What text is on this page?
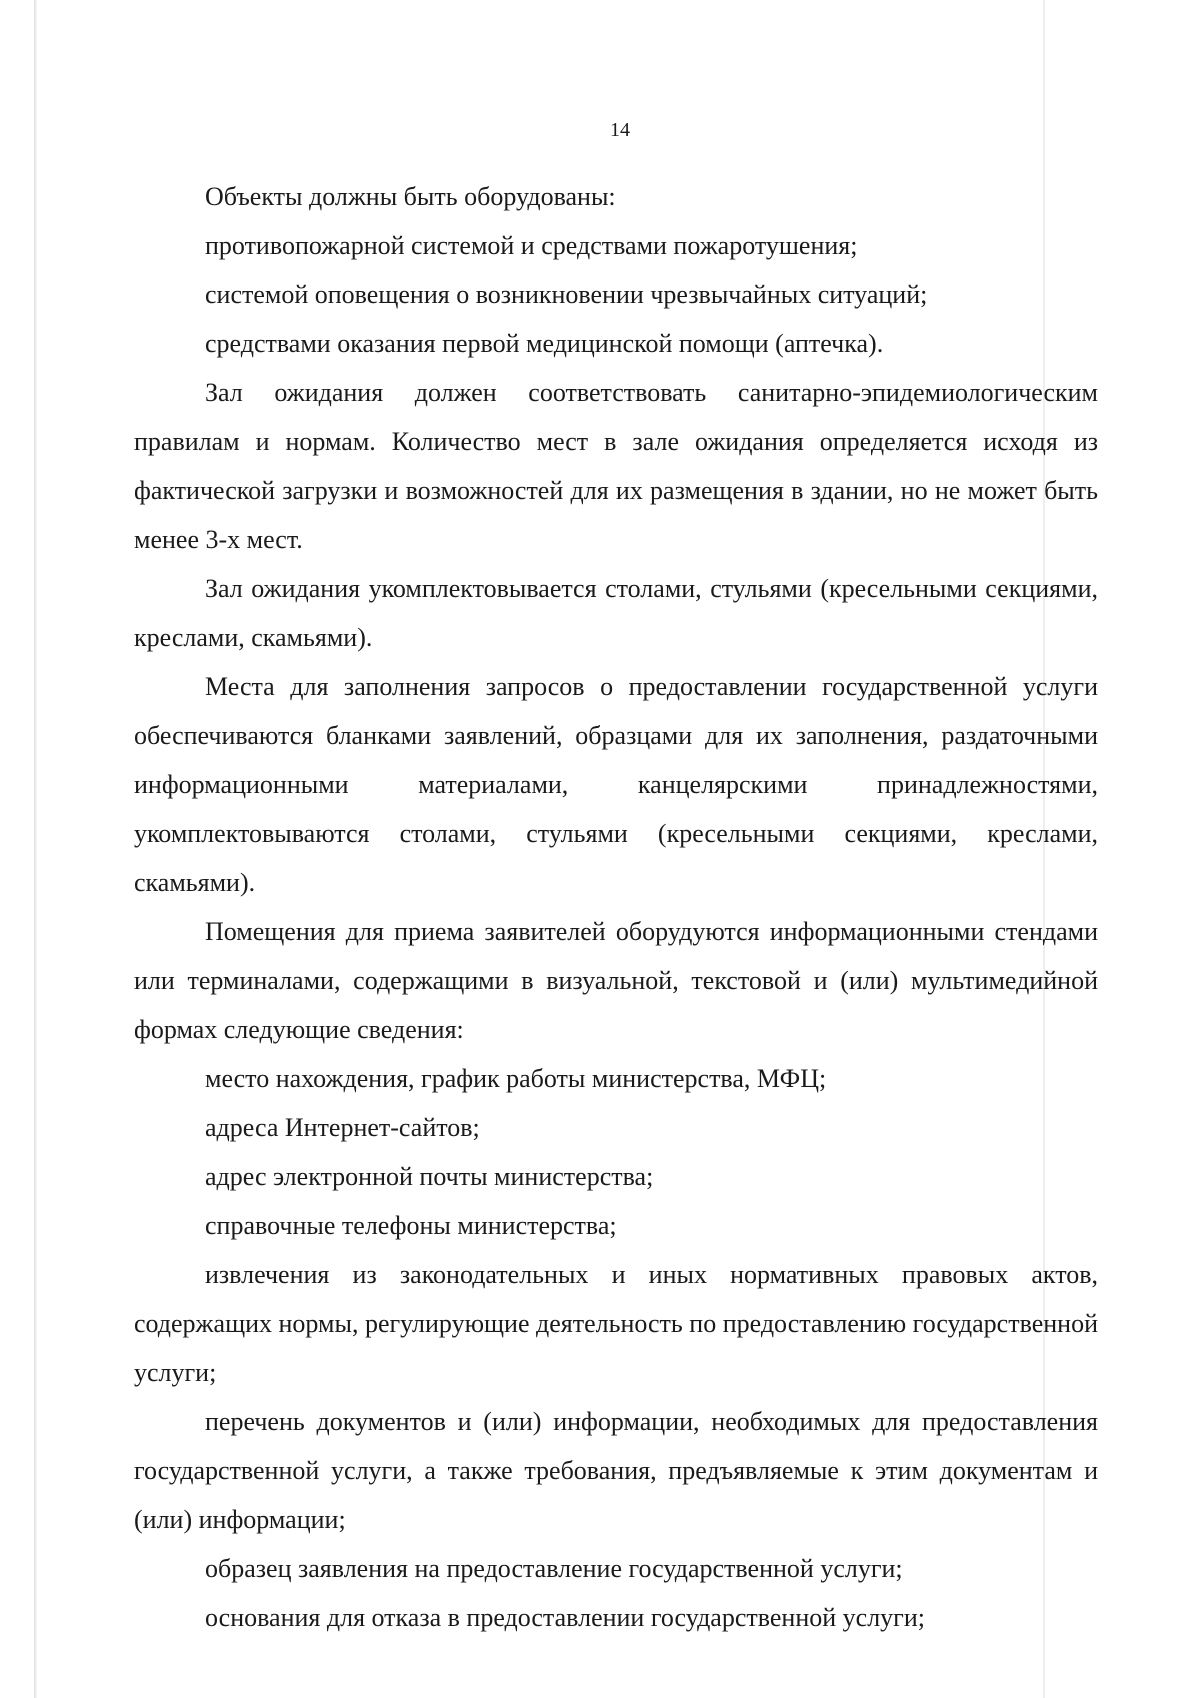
14

Объекты должны быть оборудованы:

противопожарной системой и средствами пожаротушения;

системой оповещения о возникновении чрезвычайных ситуаций;

средствами оказания первой медицинской помощи (аптечка).

Зал ожидания должен соответствовать санитарно-эпидемиологическим правилам и нормам. Количество мест в зале ожидания определяется исходя из фактической загрузки и возможностей для их размещения в здании, но не может быть менее 3-х мест.

Зал ожидания укомплектовывается столами, стульями (кресельными секциями, креслами, скамьями).

Места для заполнения запросов о предоставлении государственной услуги обеспечиваются бланками заявлений, образцами для их заполнения, раздаточными информационными материалами, канцелярскими принадлежностями, укомплектовываются столами, стульями (кресельными секциями, креслами, скамьями).

Помещения для приема заявителей оборудуются информационными стендами или терминалами, содержащими в визуальной, текстовой и (или) мультимедийной формах следующие сведения:

место нахождения, график работы министерства, МФЦ;

адреса Интернет-сайтов;

адрес электронной почты министерства;

справочные телефоны министерства;

извлечения из законодательных и иных нормативных правовых актов, содержащих нормы, регулирующие деятельность по предоставлению государственной услуги;

перечень документов и (или) информации, необходимых для предоставления государственной услуги, а также требования, предъявляемые к этим документам и (или) информации;

образец заявления на предоставление государственной услуги;

основания для отказа в предоставлении государственной услуги;
